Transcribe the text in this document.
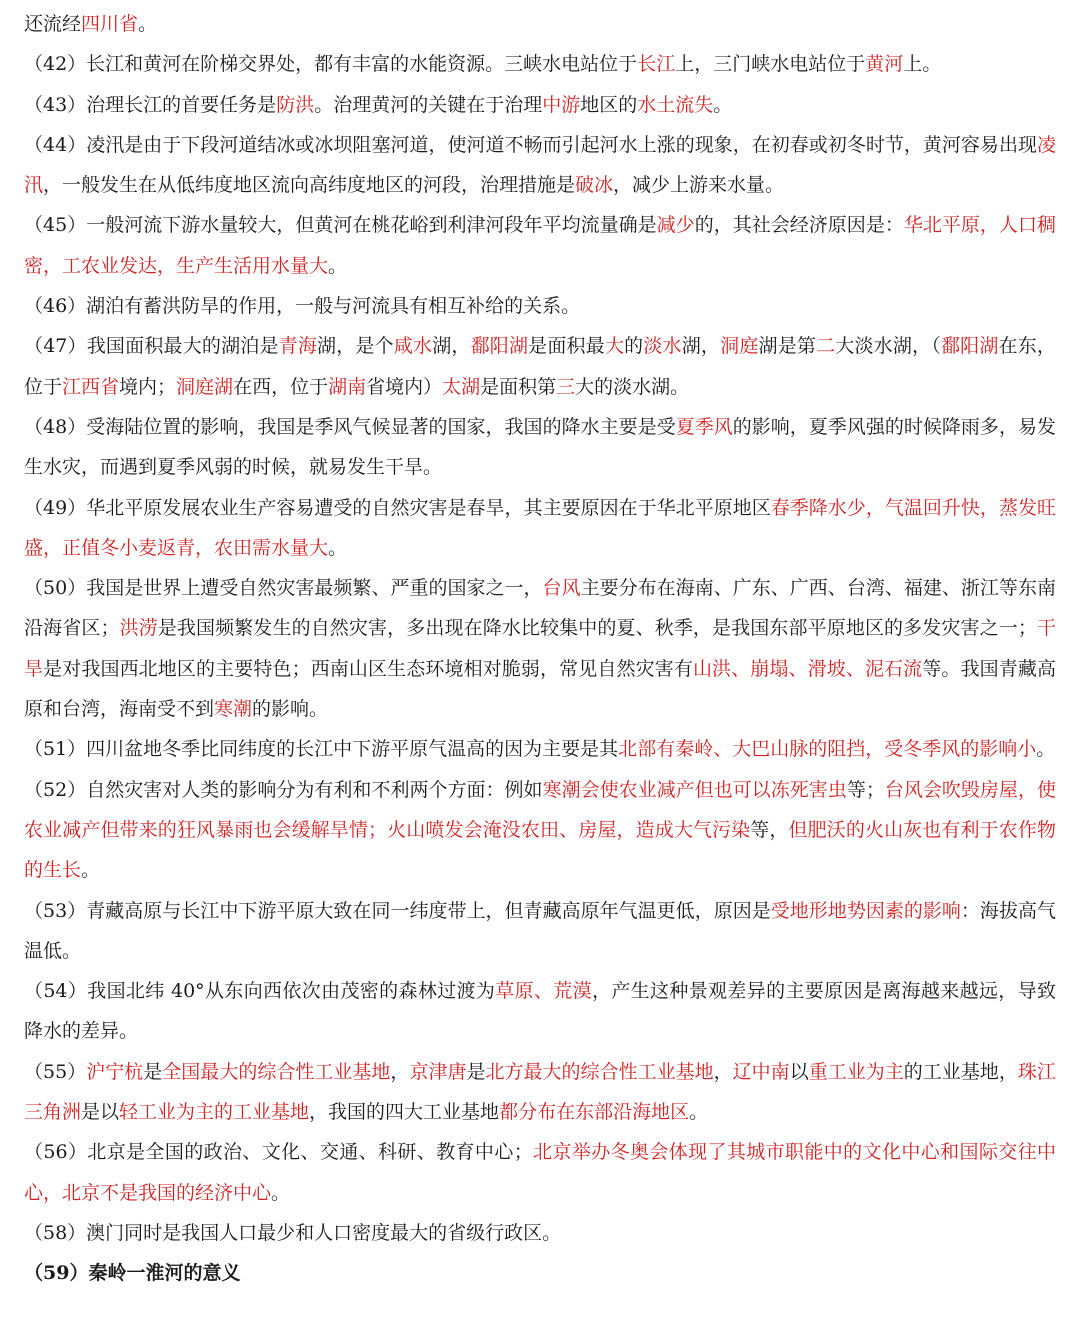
还流经四川省。

（42）长江和黄河在阶梯交界处，都有丰富的水能资源。三峡水电站位于长江上，三门峡水电站位于黄河上。

（43）治理长江的首要任务是防洪。治理黄河的关键在于治理中游地区的水土流失。

（44）凌汛是由于下段河道结冰或冰坝阻塞河道，使河道不畅而引起河水上涨的现象，在初春或初冬时节，黄河容易出现凌汛，一般发生在从低纬度地区流向高纬度地区的河段，治理措施是破冰，减少上游来水量。

（45）一般河流下游水量较大，但黄河在桃花峪到利津河段年平均流量确是减少的，其社会经济原因是：华北平原，人口稠密，工农业发达，生产生活用水量大。

（46）湖泊有蓄洪防旱的作用，一般与河流具有相互补给的关系。

（47）我国面积最大的湖泊是青海湖，是个咸水湖，鄱阳湖是面积最大的淡水湖，洞庭湖是第二大淡水湖，（鄱阳湖在东，位于江西省境内；洞庭湖在西，位于湖南省境内）太湖是面积第三大的淡水湖。

（48）受海陆位置的影响，我国是季风气候显著的国家，我国的降水主要是受夏季风的影响，夏季风强的时候降雨多，易发生水灾，而遇到夏季风弱的时候，就易发生干旱。

（49）华北平原发展农业生产容易遭受的自然灾害是春旱，其主要原因在于华北平原地区春季降水少，气温回升快，蒸发旺盛，正值冬小麦返青，农田需水量大。

（50）我国是世界上遭受自然灾害最频繁、严重的国家之一，台风主要分布在海南、广东、广西、台湾、福建、浙江等东南沿海省区；洪涝是我国频繁发生的自然灾害，多出现在降水比较集中的夏、秋季，是我国东部平原地区的多发灾害之一；干旱是对我国西北地区的主要特色；西南山区生态环境相对脆弱，常见自然灾害有山洪、崩塌、滑坡、泥石流等。我国青藏高原和台湾，海南受不到寒潮的影响。

（51）四川盆地冬季比同纬度的长江中下游平原气温高的因为主要是其北部有秦岭、大巴山脉的阻挡，受冬季风的影响小。

（52）自然灾害对人类的影响分为有利和不利两个方面：例如寒潮会使农业减产但也可以冻死害虫等；台风会吹毁房屋，使农业减产但带来的狂风暴雨也会缓解旱情；火山喷发会淹没农田、房屋，造成大气污染等，但肥沃的火山灰也有利于农作物的生长。

（53）青藏高原与长江中下游平原大致在同一纬度带上，但青藏高原年气温更低，原因是受地形地势因素的影响：海拔高气温低。

（54）我国北纬 40°从东向西依次由茂密的森林过渡为草原、荒漠，产生这种景观差异的主要原因是离海越来越远，导致降水的差异。

（55）沪宁杭是全国最大的综合性工业基地，京津唐是北方最大的综合性工业基地，辽中南以重工业为主的工业基地，珠江三角洲是以轻工业为主的工业基地，我国的四大工业基地都分布在东部沿海地区。

（56）北京是全国的政治、文化、交通、科研、教育中心；北京举办冬奥会体现了其城市职能中的文化中心和国际交往中心，北京不是我国的经济中心。

（58）澳门同时是我国人口最少和人口密度最大的省级行政区。

（59）秦岭一淮河的意义
